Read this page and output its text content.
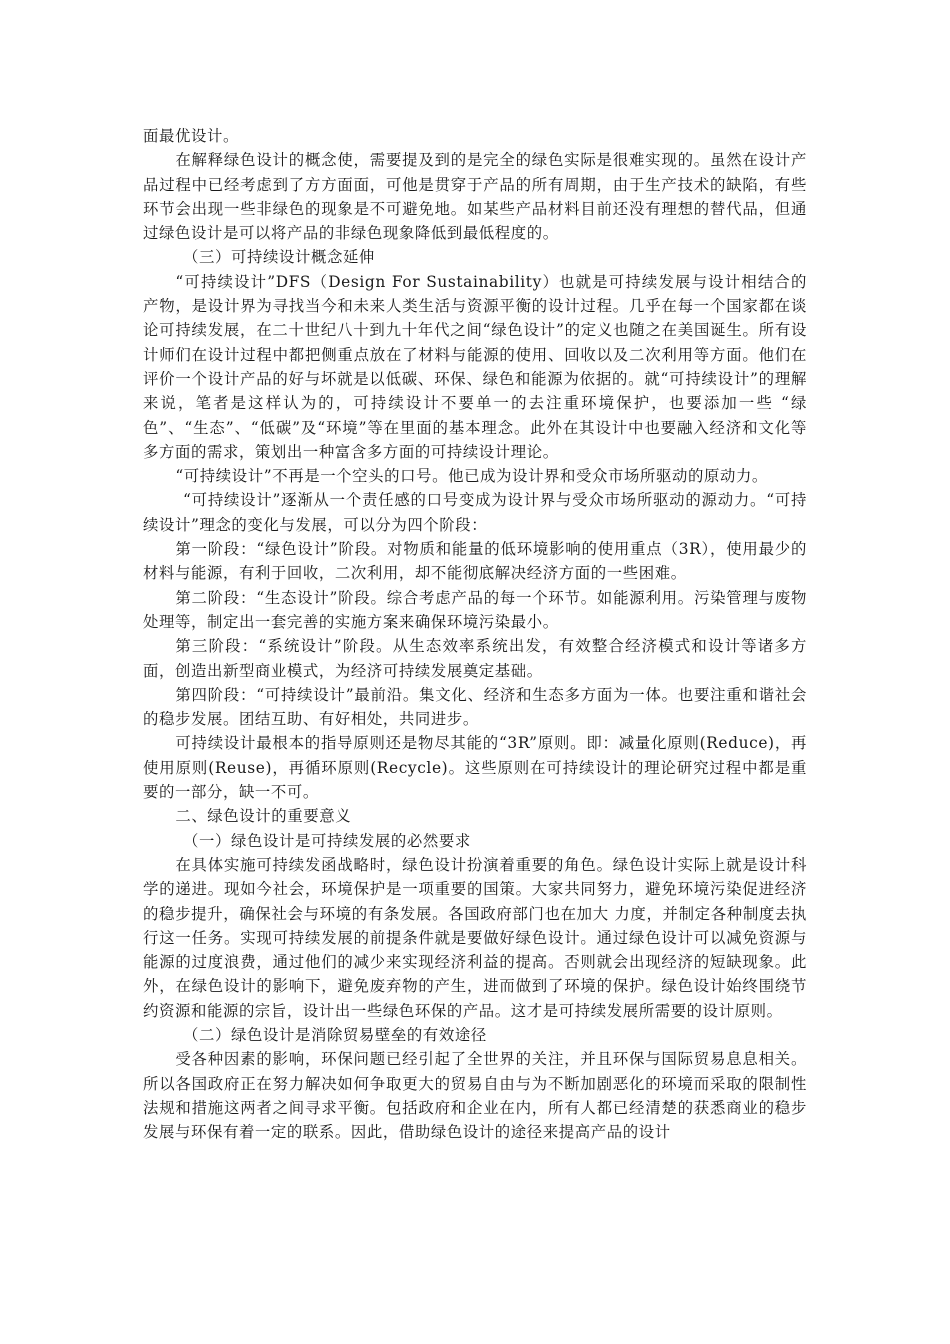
面最优设计。

在解释绿色设计的概念使，需要提及到的是完全的绿色实际是很难实现的。虽然在设计产品过程中已经考虑到了方方面面，可他是贯穿于产品的所有周期，由于生产技术的缺陷，有些环节会出现一些非绿色的现象是不可避免地。如某些产品材料目前还没有理想的替代品，但通过绿色设计是可以将产品的非绿色现象降低到最低程度的。

（三）可持续设计概念延伸

“可持续设计”DFS（Design For Sustainability）也就是可持续发展与设计相结合的产物，是设计界为寻找当今和未来人类生活与资源平衡的设计过程。几乎在每一个国家都在谈论可持续发展，在二十世纪八十到九十年代之间“绿色设计”的定义也随之在美国诞生。所有设计师们在设计过程中都把侧重点放在了材料与能源的使用、回收以及二次利用等方面。他们在评价一个设计产品的好与坏就是以低碳、环保、绿色和能源为依据的。就“可持续设计”的理解来说，笔者是这样认为的，可持续设计不要单一的去注重环境保护，也要添加一些 “绿色”、“生态”、“低碳”及“环境”等在里面的基本理念。此外在其设计中也要融入经济和文化等多方面的需求，策划出一种富含多方面的可持续设计理论。

“可持续设计”不再是一个空头的口号。他已成为设计界和受众市场所驱动的原动力。

“可持续设计”逐渐从一个责任感的口号变成为设计界与受众市场所驱动的源动力。“可持续设计”理念的变化与发展，可以分为四个阶段：

第一阶段：“绿色设计”阶段。对物质和能量的低环境影响的使用重点（3R），使用最少的材料与能源，有利于回收，二次利用，却不能彻底解决经济方面的一些困难。

第二阶段：“生态设计”阶段。综合考虑产品的每一个环节。如能源利用。污染管理与废物处理等，制定出一套完善的实施方案来确保环境污染最小。

第三阶段：“系统设计”阶段。从生态效率系统出发，有效整合经济模式和设计等诸多方面，创造出新型商业模式，为经济可持续发展奠定基础。

第四阶段：“可持续设计”最前沿。集文化、经济和生态多方面为一体。也要注重和谐社会的稳步发展。团结互助、有好相处，共同进步。

可持续设计最根本的指导原则还是物尽其能的“3R”原则。即：减量化原则(Reduce)，再使用原则(Reuse)，再循环原则(Recycle)。这些原则在可持续设计的理论研究过程中都是重要的一部分，缺一不可。

二、绿色设计的重要意义

（一）绿色设计是可持续发展的必然要求

在具体实施可持续发函战略时，绿色设计扮演着重要的角色。绿色设计实际上就是设计科学的递进。现如今社会，环境保护是一项重要的国策。大家共同努力，避免环境污染促进经济的稳步提升，确保社会与环境的有条发展。各国政府部门也在加大 力度，并制定各种制度去执行这一任务。实现可持续发展的前提条件就是要做好绿色设计。通过绿色设计可以减免资源与能源的过度浪费，通过他们的减少来实现经济利益的提高。否则就会出现经济的短缺现象。此外，在绿色设计的影响下，避免废弃物的产生，进而做到了环境的保护。绿色设计始终围绕节约资源和能源的宗旨，设计出一些绿色环保的产品。这才是可持续发展所需要的设计原则。

（二）绿色设计是消除贸易壁垒的有效途径

受各种因素的影响，环保问题已经引起了全世界的关注，并且环保与国际贸易息息相关。所以各国政府正在努力解决如何争取更大的贸易自由与为不断加剧恶化的环境而采取的限制性法规和措施这两者之间寻求平衡。包括政府和企业在内，所有人都已经清楚的获悉商业的稳步发展与环保有着一定的联系。因此，借助绿色设计的途径来提高产品的设计
